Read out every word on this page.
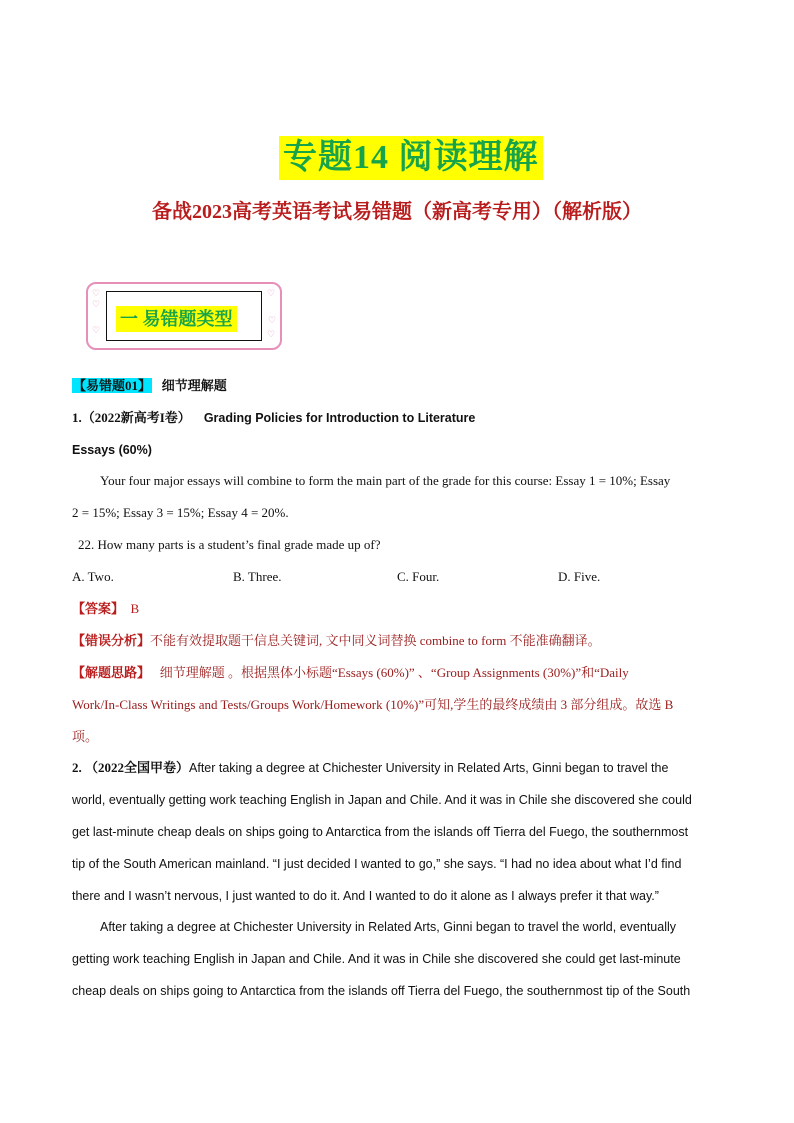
专题14 阅读理解
备战2023高考英语考试易错题（新高考专用）（解析版）
♡
♡
♡
♡
♡
♡
一 易错题类型
【易错题01】 细节理解题
1.（2022新高考I卷） Grading Policies for Introduction to Literature
Essays (60%)
Your four major essays will combine to form the main part of the grade for this course: Essay 1 = 10%; Essay
2 = 15%; Essay 3 = 15%; Essay 4 = 20%.
22. How many parts is a student’s final grade made up of?
A. Two.	B. Three.	C. Four.	D. Five.
【答案】 B
【错误分析】不能有效提取题干信息关键词, 文中同义词替换 combine to form 不能准确翻译。
【解题思路】 细节理解题 。根据黑体小标题“Essays (60%)” 、“Group Assignments (30%)”和“Daily
Work/In-Class Writings and Tests/Groups Work/Homework (10%)”可知,学生的最终成绩由 3 部分组成。故选 B
项。
2. （2022全国甲卷）After taking a degree at Chichester University in Related Arts, Ginni began to travel the
world, eventually getting work teaching English in Japan and Chile. And it was in Chile she discovered she could
get last-minute cheap deals on ships going to Antarctica from the islands off Tierra del Fuego, the southernmost
tip of the South American mainland. “I just decided I wanted to go,” she says. “I had no idea about what I’d find
there and I wasn’t nervous, I just wanted to do it. And I wanted to do it alone as I always prefer it that way.”
After taking a degree at Chichester University in Related Arts, Ginni began to travel the world, eventually
getting work teaching English in Japan and Chile. And it was in Chile she discovered she could get last-minute
cheap deals on ships going to Antarctica from the islands off Tierra del Fuego, the southernmost tip of the South
